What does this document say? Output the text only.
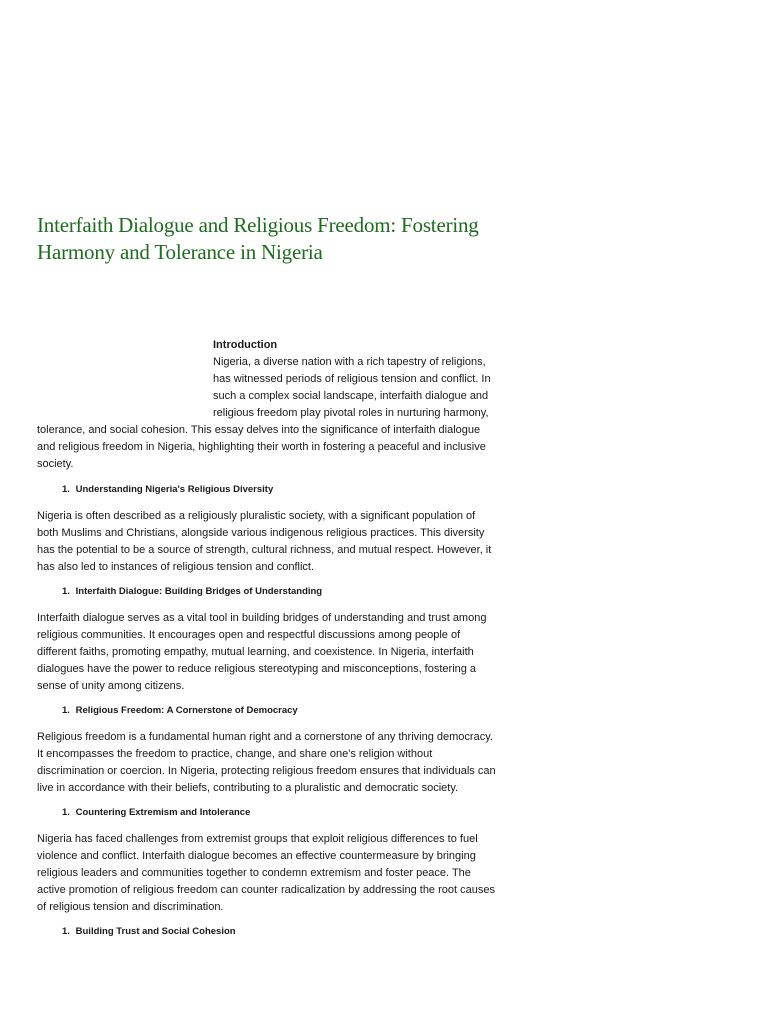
Interfaith Dialogue and Religious Freedom: Fostering Harmony and Tolerance in Nigeria

Introduction

Nigeria, a diverse nation with a rich tapestry of religions, has witnessed periods of religious tension and conflict. In such a complex social landscape, interfaith dialogue and religious freedom play pivotal roles in nurturing harmony, tolerance, and social cohesion. This essay delves into the significance of interfaith dialogue and religious freedom in Nigeria, highlighting their worth in fostering a peaceful and inclusive society.

1. Understanding Nigeria's Religious Diversity

Nigeria is often described as a religiously pluralistic society, with a significant population of both Muslims and Christians, alongside various indigenous religious practices. This diversity has the potential to be a source of strength, cultural richness, and mutual respect. However, it has also led to instances of religious tension and conflict.

1. Interfaith Dialogue: Building Bridges of Understanding

Interfaith dialogue serves as a vital tool in building bridges of understanding and trust among religious communities. It encourages open and respectful discussions among people of different faiths, promoting empathy, mutual learning, and coexistence. In Nigeria, interfaith dialogues have the power to reduce religious stereotyping and misconceptions, fostering a sense of unity among citizens.

1. Religious Freedom: A Cornerstone of Democracy

Religious freedom is a fundamental human right and a cornerstone of any thriving democracy. It encompasses the freedom to practice, change, and share one's religion without discrimination or coercion. In Nigeria, protecting religious freedom ensures that individuals can live in accordance with their beliefs, contributing to a pluralistic and democratic society.

1. Countering Extremism and Intolerance

Nigeria has faced challenges from extremist groups that exploit religious differences to fuel violence and conflict. Interfaith dialogue becomes an effective countermeasure by bringing religious leaders and communities together to condemn extremism and foster peace. The active promotion of religious freedom can counter radicalization by addressing the root causes of religious tension and discrimination.

1. Building Trust and Social Cohesion
